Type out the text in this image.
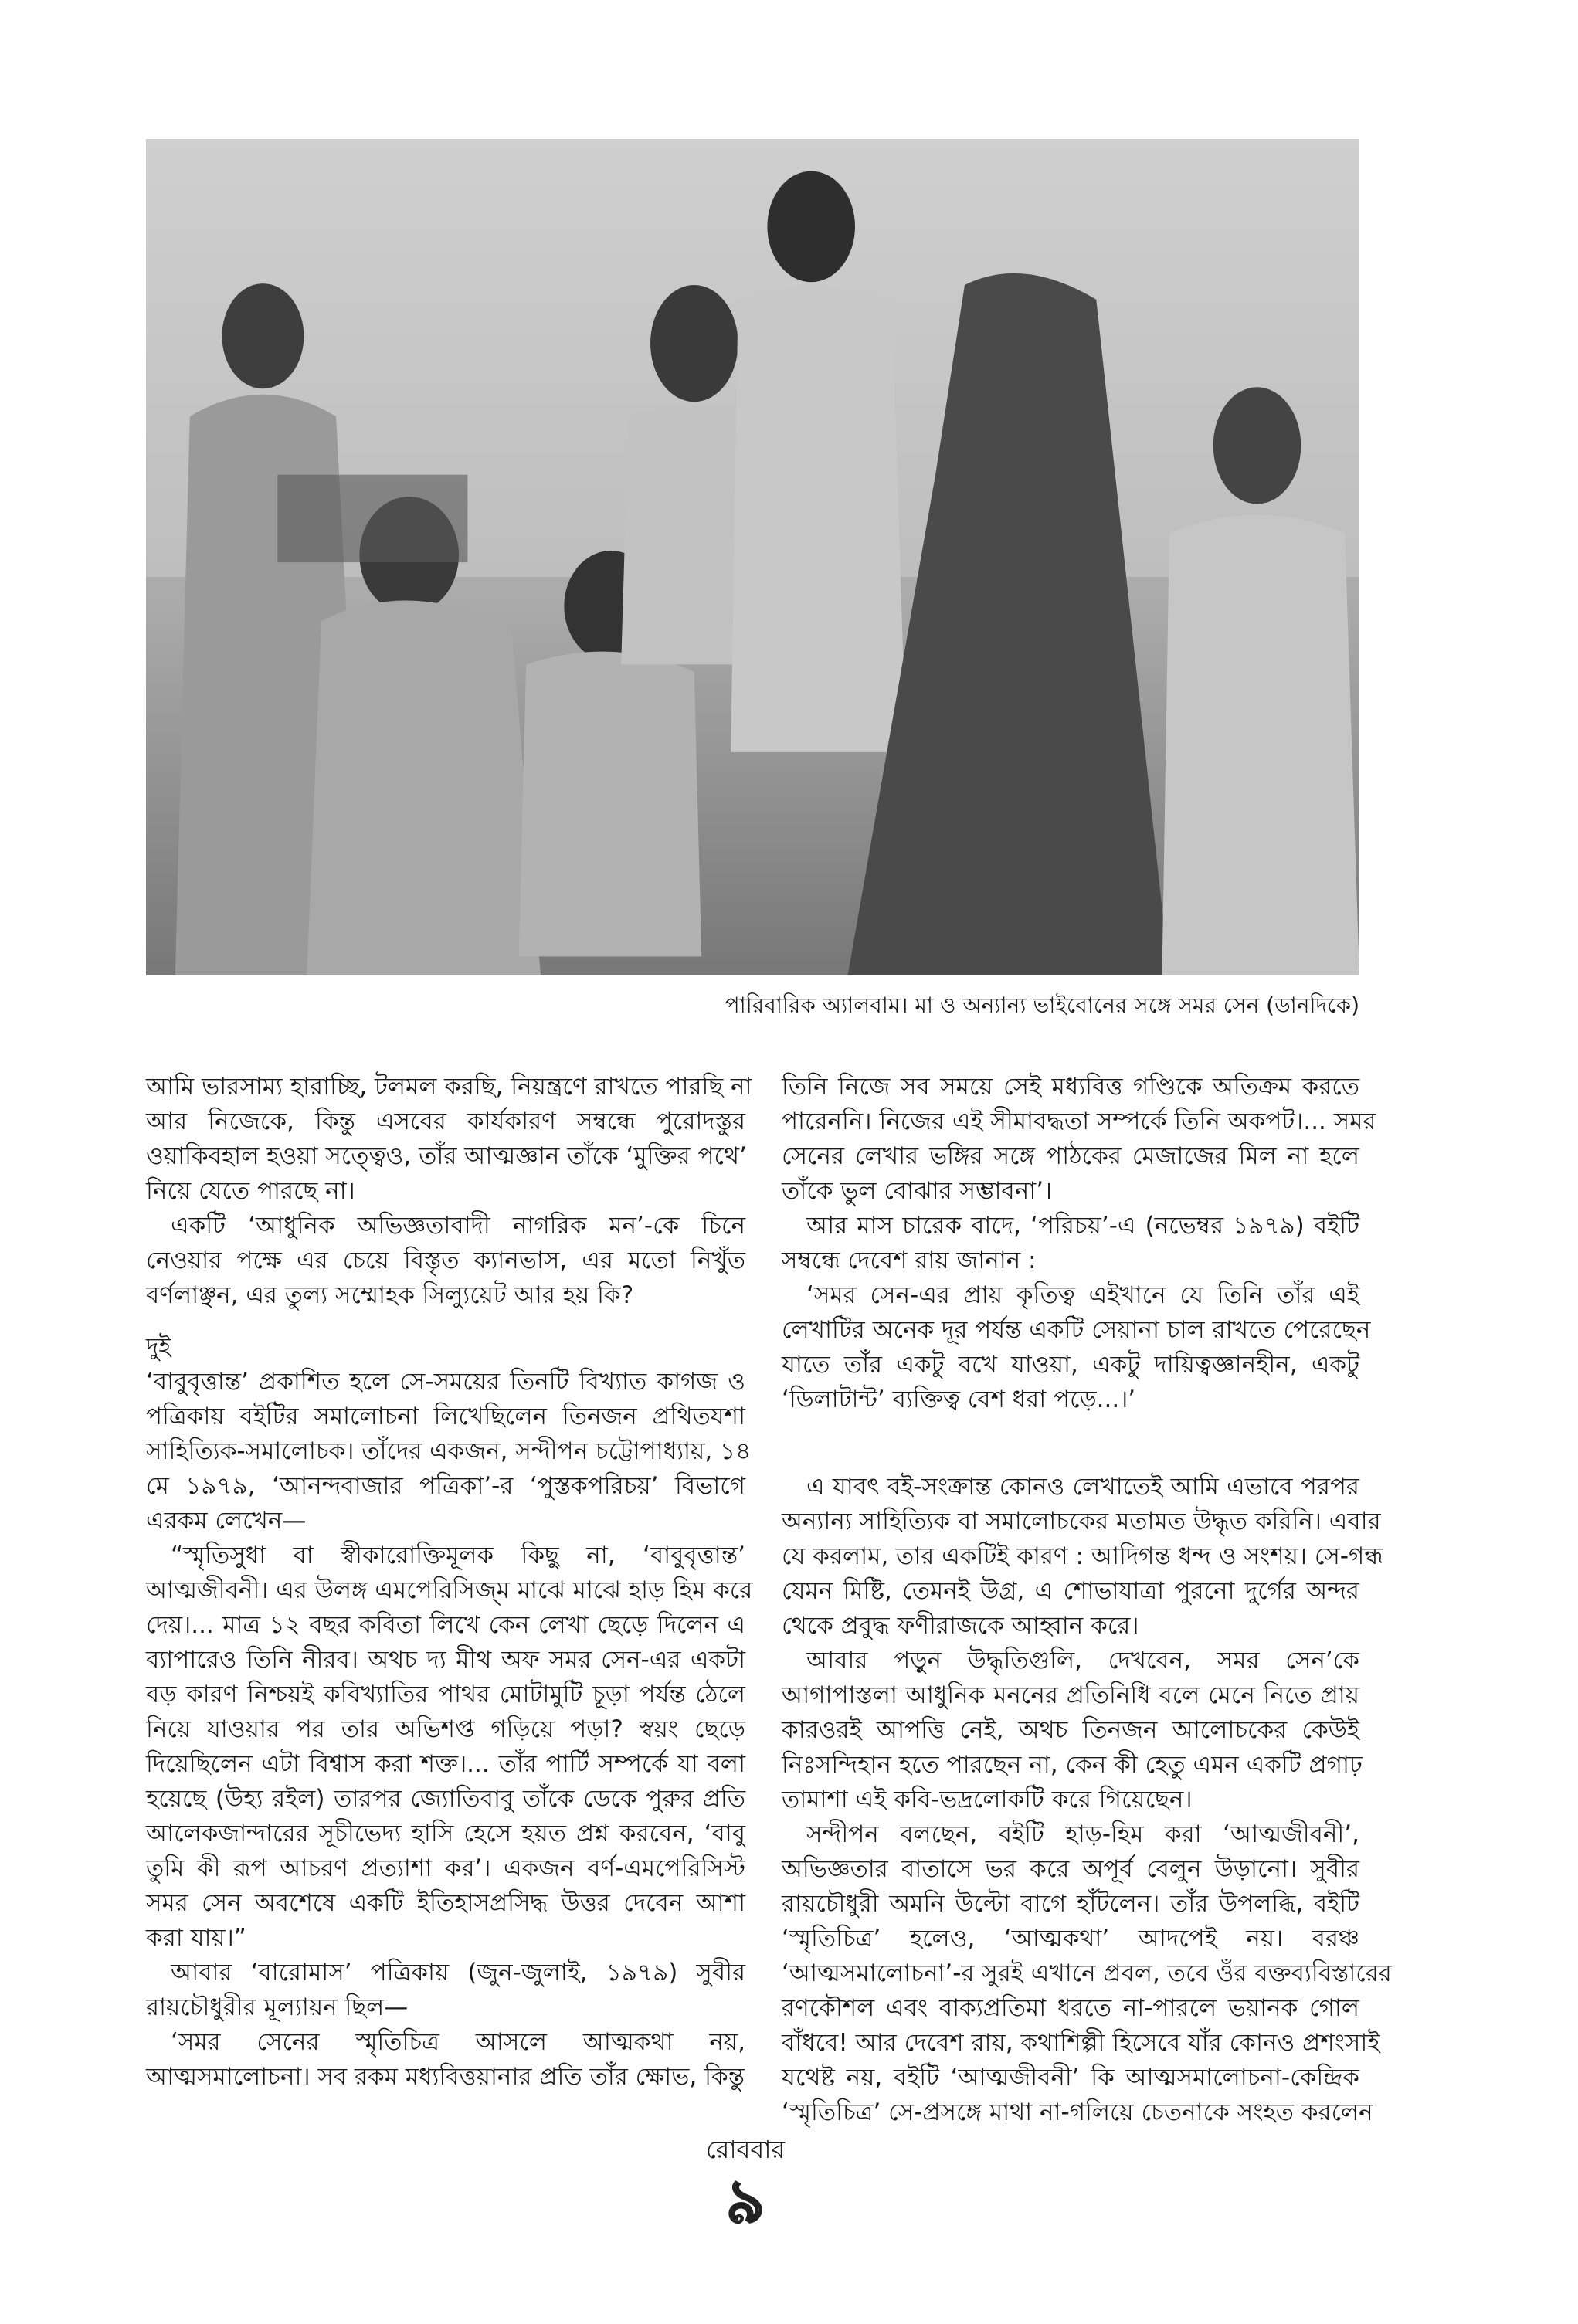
পারিবারিক অ্যালবাম। মা ও অন্যান্য ভাইবোনের সঙ্গে সমর সেন (ডানদিকে)
আমি ভারসাম্য হারাচ্ছি, টলমল করছি, নিয়ন্ত্রণে রাখতে পারছি না
আর নিজেকে, কিন্তু এসবের কার্যকারণ সম্বন্ধে পুরোদস্তুর
ওয়াকিবহাল হওয়া সত্ত্বেও, তাঁর আত্মজ্ঞান তাঁকে ‘মুক্তির পথে’
নিয়ে যেতে পারছে না।
একটি ‘আধুনিক অভিজ্ঞতাবাদী নাগরিক মন’-কে চিনে
নেওয়ার পক্ষে এর চেয়ে বিস্তৃত ক্যানভাস, এর মতো নিখুঁত
বর্ণলাঞ্ছন, এর তুল্য সম্মোহক সিল্যুয়েট আর হয় কি?
দুই
‘বাবুবৃত্তান্ত’ প্রকাশিত হলে সে-সময়ের তিনটি বিখ্যাত কাগজ ও
পত্রিকায় বইটির সমালোচনা লিখেছিলেন তিনজন প্রথিতযশা
সাহিত্যিক-সমালোচক। তাঁদের একজন, সন্দীপন চট্টোপাধ্যায়, ১৪
মে ১৯৭৯, ‘আনন্দবাজার পত্রিকা’-র ‘পুস্তকপরিচয়’ বিভাগে
এরকম লেখেন—
“স্মৃতিসুধা বা স্বীকারোক্তিমূলক কিছু না, ‘বাবুবৃত্তান্ত’
আত্মজীবনী। এর উলঙ্গ এমপেরিসিজ্‌ম মাঝে মাঝে হাড় হিম করে
দেয়।... মাত্র ১২ বছর কবিতা লিখে কেন লেখা ছেড়ে দিলেন এ
ব্যাপারেও তিনি নীরব। অথচ দ্য মীথ অফ সমর সেন-এর একটা
বড় কারণ নিশ্চয়ই কবিখ্যাতির পাথর মোটামুটি চূড়া পর্যন্ত ঠেলে
নিয়ে যাওয়ার পর তার অভিশপ্ত গড়িয়ে পড়া? স্বয়ং ছেড়ে
দিয়েছিলেন এটা বিশ্বাস করা শক্ত।... তাঁর পার্টি সম্পর্কে যা বলা
হয়েছে (উহ্য রইল) তারপর জ্যোতিবাবু তাঁকে ডেকে পুরুর প্রতি
আলেকজান্দারের সূচীভেদ্য হাসি হেসে হয়ত প্রশ্ন করবেন, ‘বাবু
তুমি কী রূপ আচরণ প্রত্যাশা কর’। একজন বর্ণ-এমপেরিসিস্ট
সমর সেন অবশেষে একটি ইতিহাসপ্রসিদ্ধ উত্তর দেবেন আশা
করা যায়।”
আবার ‘বারোমাস’ পত্রিকায় (জুন-জুলাই, ১৯৭৯) সুবীর
রায়চৌধুরীর মূল্যায়ন ছিল—
‘সমর সেনের স্মৃতিচিত্র আসলে আত্মকথা নয়,
আত্মসমালোচনা। সব রকম মধ্যবিত্তয়ানার প্রতি তাঁর ক্ষোভ, কিন্তু
তিনি নিজে সব সময়ে সেই মধ্যবিত্ত গণ্ডিকে অতিক্রম করতে
পারেননি। নিজের এই সীমাবদ্ধতা সম্পর্কে তিনি অকপট।... সমর
সেনের লেখার ভঙ্গির সঙ্গে পাঠকের মেজাজের মিল না হলে
তাঁকে ভুল বোঝার সম্ভাবনা’।
আর মাস চারেক বাদে, ‘পরিচয়’-এ (নভেম্বর ১৯৭৯) বইটি
সম্বন্ধে দেবেশ রায় জানান :
‘সমর সেন-এর প্রায় কৃতিত্ব এইখানে যে তিনি তাঁর এই
লেখাটির অনেক দূর পর্যন্ত একটি সেয়ানা চাল রাখতে পেরেছেন
যাতে তাঁর একটু বখে যাওয়া, একটু দায়িত্বজ্ঞানহীন, একটু
‘ডিলাটান্ট’ ব্যক্তিত্ব বেশ ধরা পড়ে...।’
এ যাবৎ বই-সংক্রান্ত কোনও লেখাতেই আমি এভাবে পরপর
অন্যান্য সাহিত্যিক বা সমালোচকের মতামত উদ্ধৃত করিনি। এবার
যে করলাম, তার একটিই কারণ : আদিগন্ত ধন্দ ও সংশয়। সে-গন্ধ
যেমন মিষ্টি, তেমনই উগ্র, এ শোভাযাত্রা পুরনো দুর্গের অন্দর
থেকে প্রবুদ্ধ ফণীরাজকে আহ্বান করে।
আবার পড়ুন উদ্ধৃতিগুলি, দেখবেন, সমর সেন’কে
আগাপাস্তলা আধুনিক মননের প্রতিনিধি বলে মেনে নিতে প্রায়
কারওরই আপত্তি নেই, অথচ তিনজন আলোচকের কেউই
নিঃসন্দিহান হতে পারছেন না, কেন কী হেতু এমন একটি প্রগাঢ়
তামাশা এই কবি-ভদ্রলোকটি করে গিয়েছেন।
সন্দীপন বলছেন, বইটি হাড়-হিম করা ‘আত্মজীবনী’,
অভিজ্ঞতার বাতাসে ভর করে অপূর্ব বেলুন উড়ানো। সুবীর
রায়চৌধুরী অমনি উল্টো বাগে হাঁটলেন। তাঁর উপলব্ধি, বইটি
‘স্মৃতিচিত্র’ হলেও, ‘আত্মকথা’ আদপেই নয়। বরঞ্চ
‘আত্মসমালোচনা’-র সুরই এখানে প্রবল, তবে ওঁর বক্তব্যবিস্তারের
রণকৌশল এবং বাক্যপ্রতিমা ধরতে না-পারলে ভয়ানক গোল
বাঁধবে! আর দেবেশ রায়, কথাশিল্পী হিসেবে যাঁর কোনও প্রশংসাই
যথেষ্ট নয়, বইটি ‘আত্মজীবনী’ কি আত্মসমালোচনা-কেন্দ্রিক
‘স্মৃতিচিত্র’ সে-প্রসঙ্গে মাথা না-গলিয়ে চেতনাকে সংহত করলেন
রোববার
৯
